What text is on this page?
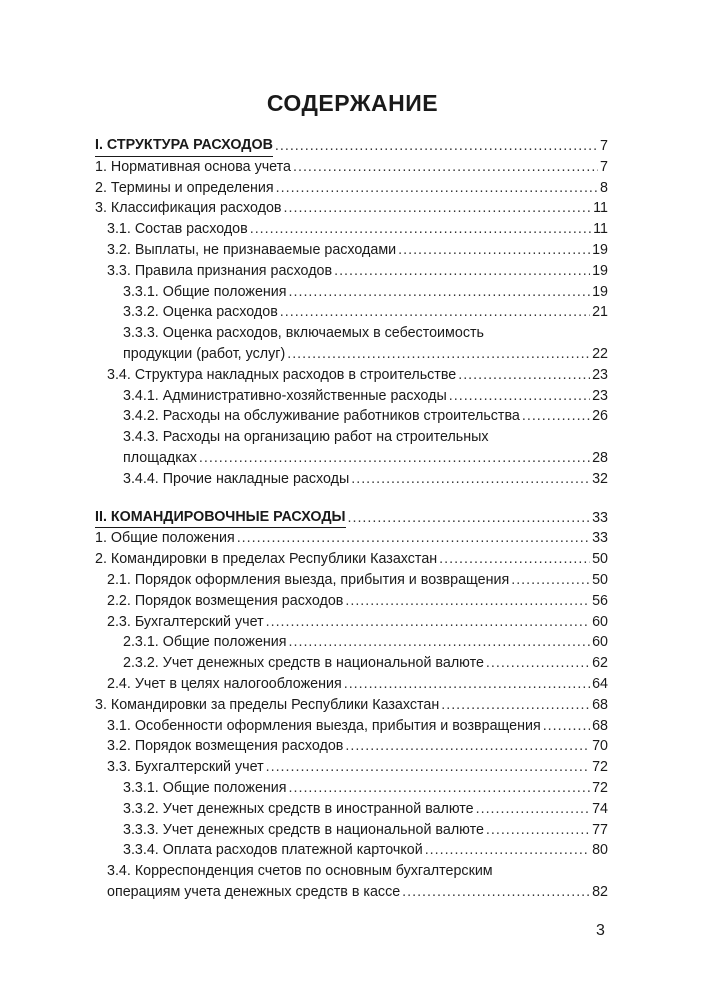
СОДЕРЖАНИЕ
I. СТРУКТУРА РАСХОДОВ .....	7
1. Нормативная основа учета .....	7
2. Термины и определения .....	8
3. Классификация расходов .....	11
3.1. Состав расходов .....	11
3.2. Выплаты, не признаваемые расходами .....	19
3.3. Правила признания расходов .....	19
3.3.1. Общие положения .....	19
3.3.2. Оценка расходов .....	21
3.3.3. Оценка расходов, включаемых в себестоимость
продукции (работ, услуг) .....	22
3.4. Структура накладных расходов в строительстве .....	23
3.4.1. Административно-хозяйственные расходы .....	23
3.4.2. Расходы на обслуживание работников строительства .....	26
3.4.3. Расходы на организацию работ на строительных
площадках .....	28
3.4.4. Прочие накладные расходы .....	32
II. КОМАНДИРОВОЧНЫЕ РАСХОДЫ .....	33
1. Общие положения .....	33
2. Командировки в пределах Республики Казахстан .....	50
2.1. Порядок оформления выезда, прибытия и возвращения .....	50
2.2. Порядок возмещения расходов .....	56
2.3. Бухгалтерский учет .....	60
2.3.1. Общие положения .....	60
2.3.2. Учет денежных средств в национальной валюте .....	62
2.4. Учет в целях налогообложения .....	64
3. Командировки за пределы Республики Казахстан .....	68
3.1. Особенности оформления выезда, прибытия и возвращения .....	68
3.2. Порядок возмещения расходов .....	70
3.3. Бухгалтерский учет .....	72
3.3.1. Общие положения .....	72
3.3.2. Учет денежных средств в иностранной валюте .....	74
3.3.3. Учет денежных средств в национальной валюте .....	77
3.3.4. Оплата расходов платежной карточкой .....	80
3.4. Корреспонденция счетов по основным бухгалтерским
операциям учета денежных средств в кассе .....	82
3
